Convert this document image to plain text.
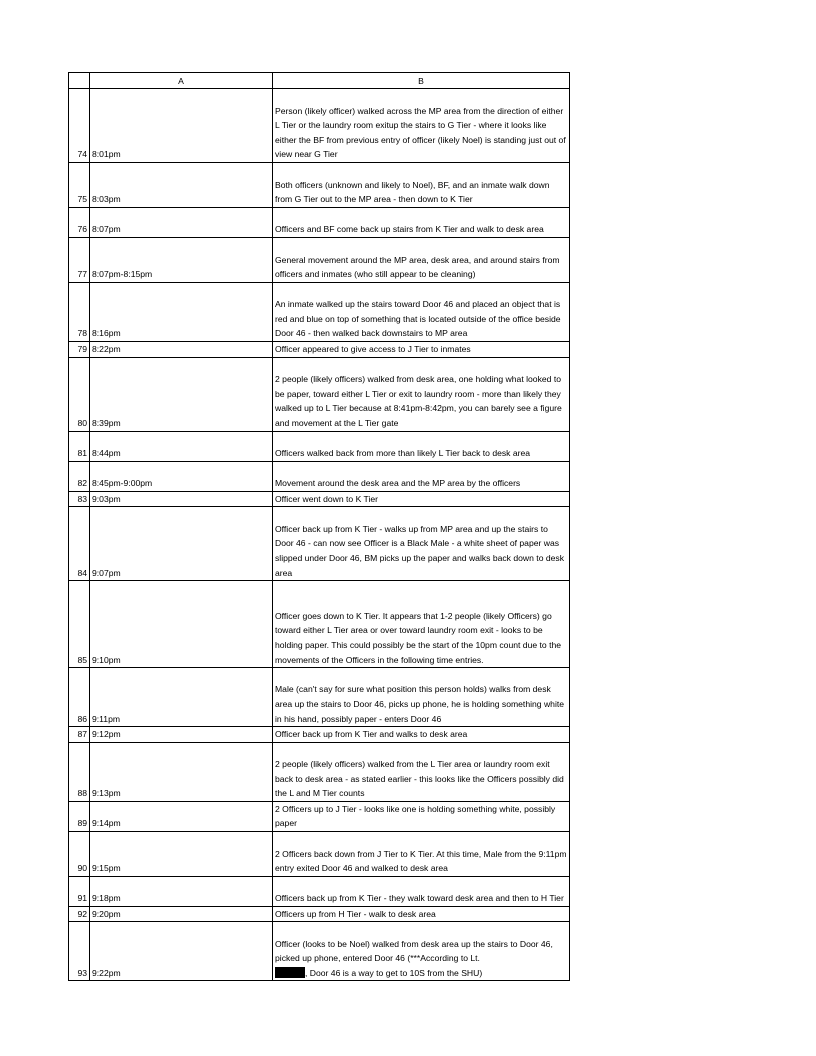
	A	B
74	8:01pm	Person (likely officer) walked across the MP area from the direction of either L Tier or the laundry room exitup the stairs to G Tier - where it looks like either the BF from previous entry of officer (likely Noel) is standing just out of view near G Tier
75	8:03pm	Both officers (unknown and likely to Noel), BF, and an inmate walk down from G Tier out to the MP area - then down to K Tier
76	8:07pm	Officers and BF come back up stairs from K Tier and walk to desk area
77	8:07pm-8:15pm	General movement around the MP area, desk area, and around stairs from officers and inmates (who still appear to be cleaning)
78	8:16pm	An inmate walked up the stairs toward Door 46 and placed an object that is red and blue on top of something that is located outside of the office beside Door 46 - then walked back downstairs to MP area
79	8:22pm	Officer appeared to give access to J Tier to inmates
80	8:39pm	2 people (likely officers) walked from desk area, one holding what looked to be paper, toward either L Tier or exit to laundry room - more than likely they walked up to L Tier because at 8:41pm-8:42pm, you can barely see a figure and movement at the L Tier gate
81	8:44pm	Officers walked back from more than likely L Tier back to desk area
82	8:45pm-9:00pm	Movement around the desk area and the MP area by the officers
83	9:03pm	Officer went down to K Tier
84	9:07pm	Officer back up from K Tier - walks up from MP area and up the stairs to Door 46 - can now see Officer is a Black Male - a white sheet of paper was slipped under Door 46, BM picks up the paper and walks back down to desk area
85	9:10pm	Officer goes down to K Tier. It appears that 1-2 people (likely Officers) go toward either L Tier area or over toward laundry room exit - looks to be holding paper. This could possibly be the start of the 10pm count due to the movements of the Officers in the following time entries.
86	9:11pm	Male (can't say for sure what position this person holds) walks from desk area up the stairs to Door 46, picks up phone, he is holding something white in his hand, possibly paper - enters Door 46
87	9:12pm	Officer back up from K Tier and walks to desk area
88	9:13pm	2 people (likely officers) walked from the L Tier area or laundry room exit back to desk area - as stated earlier - this looks like the Officers possibly did the L and M Tier counts
89	9:14pm	2 Officers up to J Tier - looks like one is holding something white, possibly paper
90	9:15pm	2 Officers back down from J Tier to K Tier. At this time, Male from the 9:11pm entry exited Door 46 and walked to desk area
91	9:18pm	Officers back up from K Tier - they walk toward desk area and then to H Tier
92	9:20pm	Officers up from H Tier - walk to desk area
93	9:22pm	Officer (looks to be Noel) walked from desk area up the stairs to Door 46, picked up phone, entered Door 46 (***According to Lt.
, Door 46 is a way to get to 10S from the SHU)
